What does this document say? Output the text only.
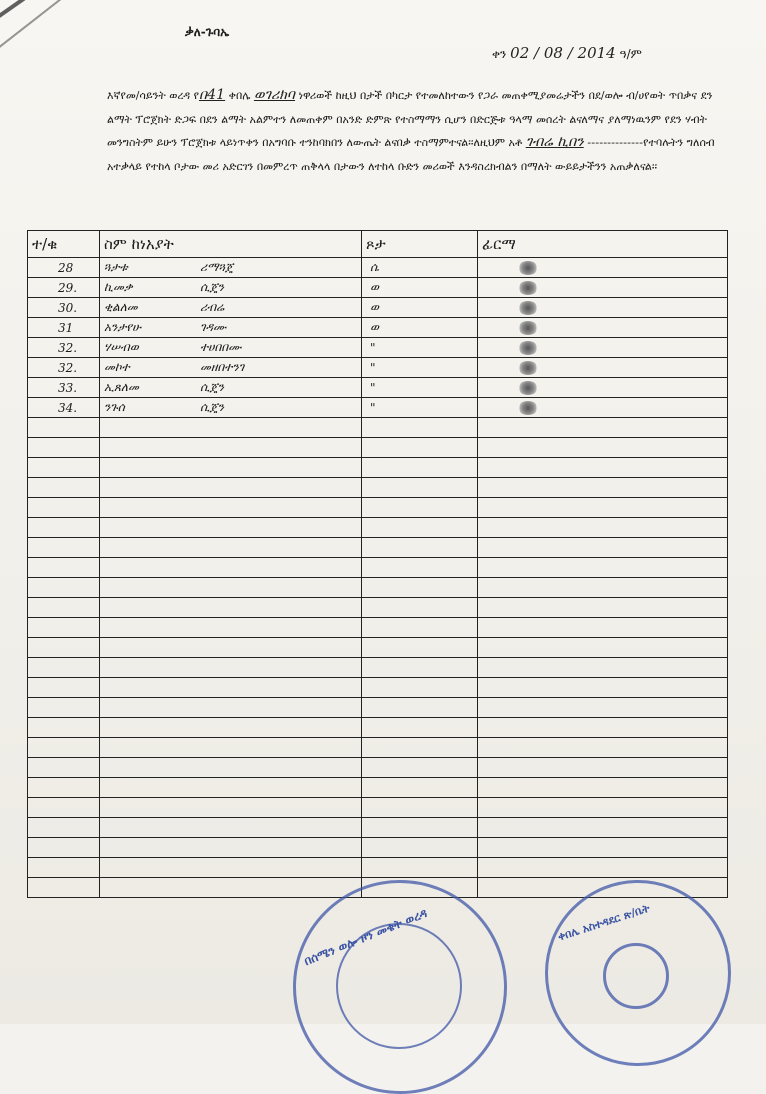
ቃለ-ጉባኤ
ቀን 02 / 08 / 2014 ዓ/ም
እኛየመ/ሳይንት ወረዳ የበ41 ቀበሌ ወገሪክባ ነዋሪወች ከዚህ በታች በካርታ የተመለከተውን የጋራ መጠቀሚያመሬታችን በደ/ወሎ ብ/ሀየወት ጥበቃና ደን ልማት ፕሮጀክት ድጋፍ በደን ልማት አልምተን ለመጠቀም በአንድ ድምጽ የተስማማን ሲሆን በድርጅቱ ዓላማ መሰረት ልናለማና ያለማነዉንም የደን ሃብት መንግስትም ይሁን ፕሮጀክቱ ላይነጥቀን በአግባቡ ተንከባክበን ለውጤት ልናበቃ ተስማምተናል፡፡ለዚህም አቶ ገብሬ ኪበን --------------የተባሉትን ግለሰብ አተቃላይ የተከላ ቦታው መሪ አድርገን በመምረጥ ጠቅላላ በታውን ለተከላ ቡድን መሪወች እንዳስረክብልን በማለት ውይይታችንን አጠቃለናል፡፡
ተ/ቁ	ስም ከነአያት	ጾታ	ፊርማ
28	ጓታቱ ሪማጓጄ	ሴ	
29.	ኪመቃ ሲጄን	ወ	
30.	ቂልለመ ሪብሬ	ወ	
31	አንታየሁ ገዳሙ	ወ	
32.	ሃሠብወ ተሀበበሙ	"	
32.	መኮተ መዘበተንገ	"	
33.	ኢጸለመ ሲጄን	"	
34.	ንጉሰ ሲጄን	"	

በሰሜን ወሎ ዞን መቄት ወረዳ	ቀበሌ አስተዳደር ጽ/ቤት
